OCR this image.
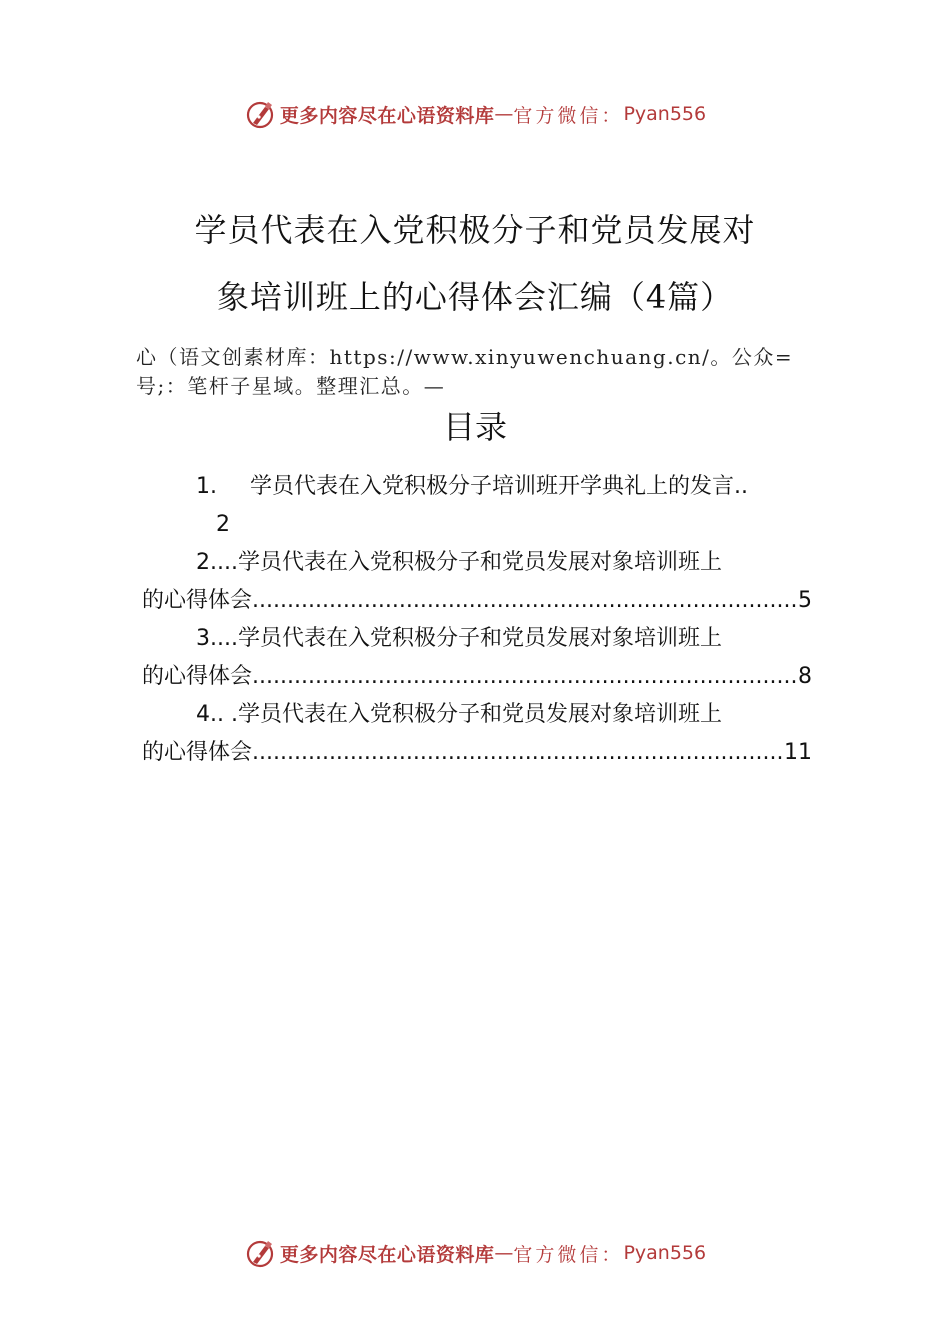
更多内容尽在心语资料库 — 官方微信： Pyan556
学员代表在入党积极分子和党员发展对
象培训班上的心得体会汇编（4篇）
心（语文创素材库：https://www.xinyuwenchuang.cn/。公众=
号;：笔杆子星域。整理汇总。—
目录
1.	学员代表在入党积极分子培训班开学典礼上的发言..
2
2.... 学员代表在入党积极分子和党员发展对象培训班上
的心得体会 .....	5
3.... 学员代表在入党积极分子和党员发展对象培训班上
的心得体会 .....	8
4.. . 学员代表在入党积极分子和党员发展对象培训班上
的心得体会 .....	11
更多内容尽在心语资料库 — 官方微信： Pyan556
